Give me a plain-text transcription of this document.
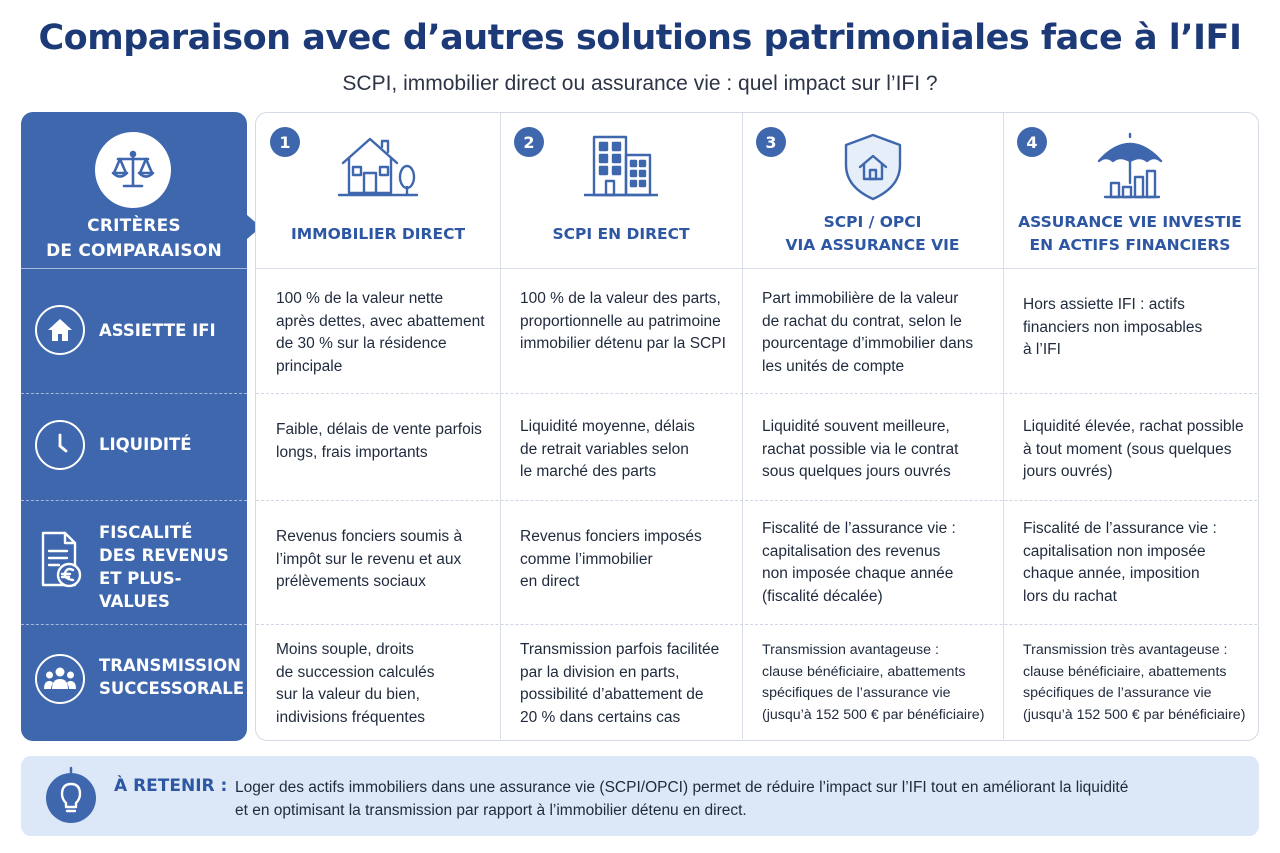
Comparaison avec d’autres solutions patrimoniales face à l’IFI
SCPI, immobilier direct ou assurance vie : quel impact sur l’IFI ?
CRITÈRES
DE COMPARAISON
ASSIETTE IFI
LIQUIDITÉ
FISCALITÉ
DES REVENUS
ET PLUS-VALUES
TRANSMISSION
SUCCESSORALE
1
IMMOBILIER DIRECT
100 % de la valeur nette
après dettes, avec abattement
de 30 % sur la résidence
principale
Faible, délais de vente parfois
longs, frais importants
Revenus fonciers soumis à
l’impôt sur le revenu et aux
prélèvements sociaux
Moins souple, droits
de succession calculés
sur la valeur du bien,
indivisions fréquentes
2
SCPI EN DIRECT
100 % de la valeur des parts,
proportionnelle au patrimoine
immobilier détenu par la SCPI
Liquidité moyenne, délais
de retrait variables selon
le marché des parts
Revenus fonciers imposés
comme l’immobilier
en direct
Transmission parfois facilitée
par la division en parts,
possibilité d’abattement de
20 % dans certains cas
3
SCPI / OPCI
VIA ASSURANCE VIE
Part immobilière de la valeur
de rachat du contrat, selon le
pourcentage d’immobilier dans
les unités de compte
Liquidité souvent meilleure,
rachat possible via le contrat
sous quelques jours ouvrés
Fiscalité de l’assurance vie :
capitalisation des revenus
non imposée chaque année
(fiscalité décalée)
Transmission avantageuse :
clause bénéficiaire, abattements
spécifiques de l’assurance vie
(jusqu’à 152 500 € par bénéficiaire)
4
ASSURANCE VIE INVESTIE
EN ACTIFS FINANCIERS
Hors assiette IFI : actifs
financiers non imposables
à l’IFI
Liquidité élevée, rachat possible
à tout moment (sous quelques
jours ouvrés)
Fiscalité de l’assurance vie :
capitalisation non imposée
chaque année, imposition
lors du rachat
Transmission très avantageuse :
clause bénéficiaire, abattements
spécifiques de l’assurance vie
(jusqu’à 152 500 € par bénéficiaire)
À RETENIR : Loger des actifs immobiliers dans une assurance vie (SCPI/OPCI) permet de réduire l’impact sur l’IFI tout en améliorant la liquidité
et en optimisant la transmission par rapport à l’immobilier détenu en direct.
